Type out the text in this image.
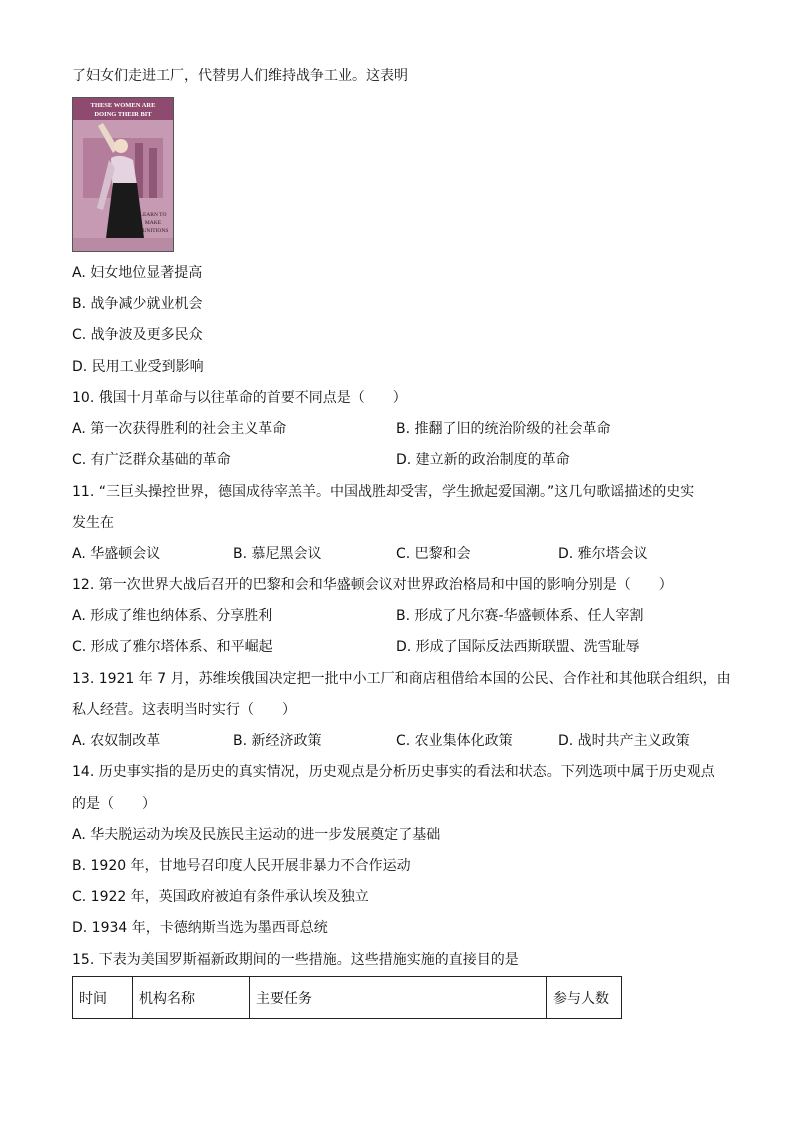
了妇女们走进工厂，代替男人们维持战争工业。这表明
THESE WOMEN ARE
DOING THEIR BIT
LEARN TO
MAKE
MUNITIONS
A. 妇女地位显著提高
B. 战争减少就业机会
C. 战争波及更多民众
D. 民用工业受到影响
10. 俄国十月革命与以往革命的首要不同点是（　　）
A. 第一次获得胜利的社会主义革命	B. 推翻了旧的统治阶级的社会革命
C. 有广泛群众基础的革命	D. 建立新的政治制度的革命
11. “三巨头操控世界，德国成待宰羔羊。中国战胜却受害，学生掀起爱国潮。”这几句歌谣描述的史实
发生在
A. 华盛顿会议	B. 慕尼黑会议	C. 巴黎和会	D. 雅尔塔会议
12. 第一次世界大战后召开的巴黎和会和华盛顿会议对世界政治格局和中国的影响分别是（　　）
A. 形成了维也纳体系、分享胜利	B. 形成了凡尔赛-华盛顿体系、任人宰割
C. 形成了雅尔塔体系、和平崛起	D. 形成了国际反法西斯联盟、洗雪耻辱
13. 1921 年 7 月，苏维埃俄国决定把一批中小工厂和商店租借给本国的公民、合作社和其他联合组织，由
私人经营。这表明当时实行（　　）
A. 农奴制改革	B. 新经济政策	C. 农业集体化政策	D. 战时共产主义政策
14. 历史事实指的是历史的真实情况，历史观点是分析历史事实的看法和状态。下列选项中属于历史观点
的是（　　）
A. 华夫脱运动为埃及民族民主运动的进一步发展奠定了基础
B. 1920 年，甘地号召印度人民开展非暴力不合作运动
C. 1922 年，英国政府被迫有条件承认埃及独立
D. 1934 年，卡德纳斯当选为墨西哥总统
15. 下表为美国罗斯福新政期间的一些措施。这些措施实施的直接目的是
时间	机构名称	主要任务	参与人数
